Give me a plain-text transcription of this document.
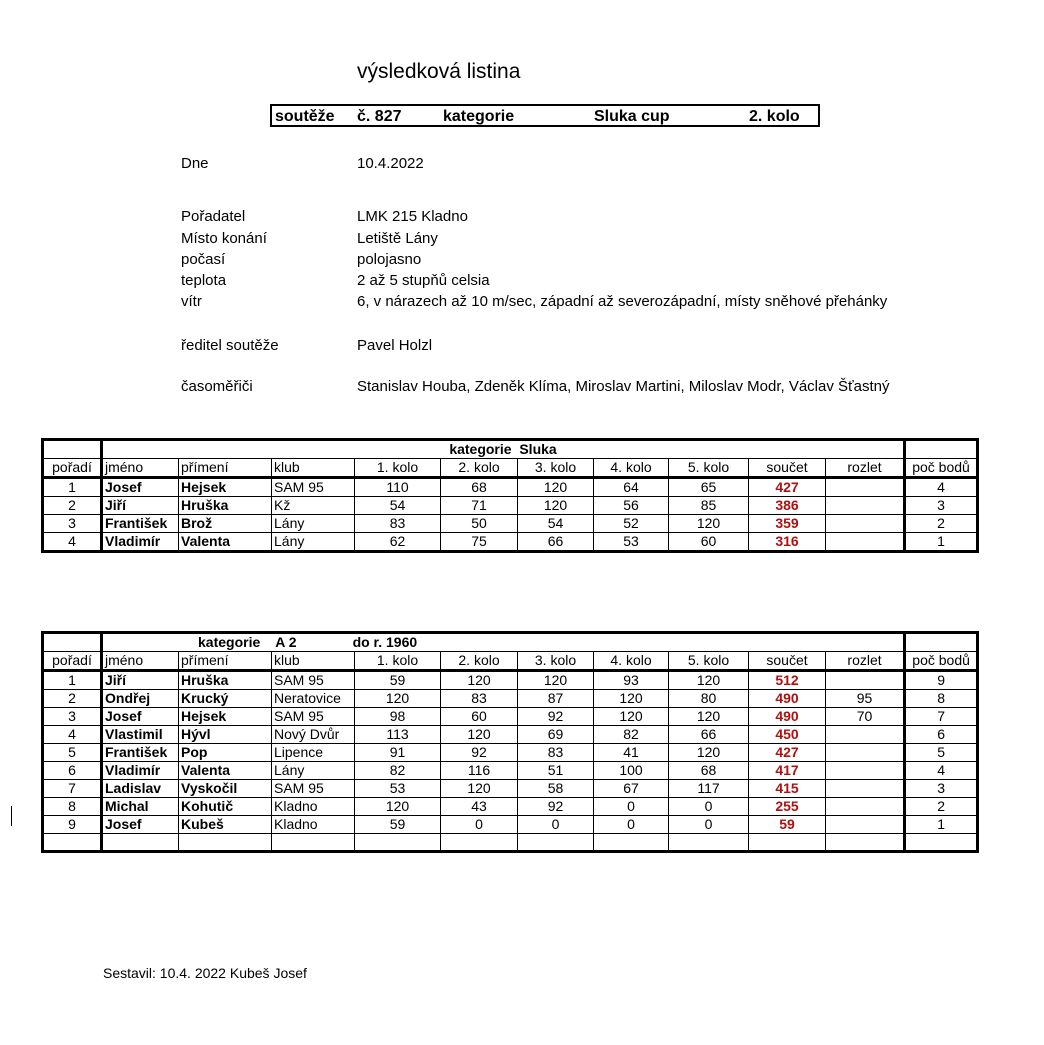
výsledková listina
soutěže č. 827	kategorie	Sluka cup	2. kolo
Dne	10.4.2022
Pořadatel	LMK 215 Kladno
Místo konání	Letiště Lány
počasí	polojasno
teplota	2 až 5 stupňů celsia
vítr	6, v nárazech až 10 m/sec, západní až severozápadní, místy sněhové přehánky
ředitel soutěže	Pavel Holzl
časoměřiči	Stanislav Houba, Zdeněk Klíma, Miroslav Martini, Miloslav Modr, Václav Šťastný
	kategorie  Sluka										
pořadí	jméno	přímení	klub	1. kolo	2. kolo	3. kolo	4. kolo	5. kolo	součet	rozlet	poč bodů
1	Josef	Hejsek	SAM 95	110	68	120	64	65	427		4
2	Jiří	Hruška	Kž	54	71	120	56	85	386		3
3	František	Brož	Lány	83	50	54	52	120	359		2
4	Vladimír	Valenta	Lány	62	75	66	53	60	316		1
	kategorie    A 2 do r. 1960										
pořadí	jméno	přímení	klub	1. kolo	2. kolo	3. kolo	4. kolo	5. kolo	součet	rozlet	poč bodů
1	Jiří	Hruška	SAM 95	59	120	120	93	120	512		9
2	Ondřej	Krucký	Neratovice	120	83	87	120	80	490	95	8
3	Josef	Hejsek	SAM 95	98	60	92	120	120	490	70	7
4	Vlastimil	Hývl	Nový Dvůr	113	120	69	82	66	450		6
5	František	Pop	Lipence	91	92	83	41	120	427		5
6	Vladimír	Valenta	Lány	82	116	51	100	68	417		4
7	Ladislav	Vyskočil	SAM 95	53	120	58	67	117	415		3
8	Michal	Kohutič	Kladno	120	43	92	0	0	255		2
9	Josef	Kubeš	Kladno	59	0	0	0	0	59		1

Sestavil: 10.4. 2022 Kubeš Josef
